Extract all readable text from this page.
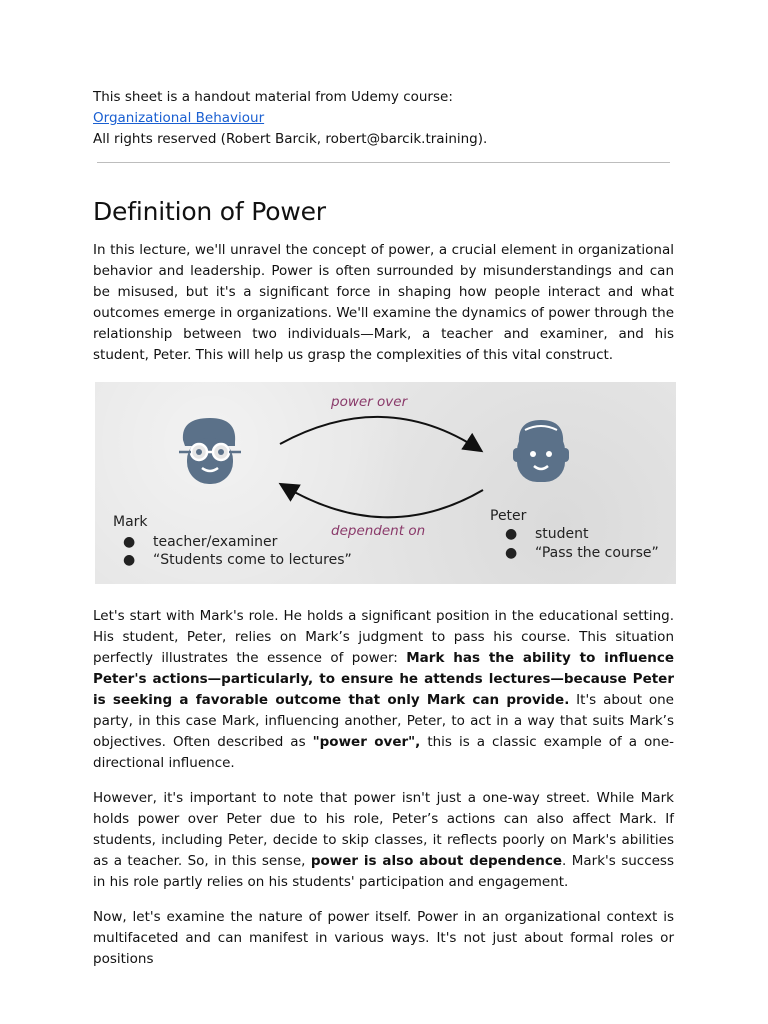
This sheet is a handout material from Udemy course:

Organizational Behaviour

All rights reserved (Robert Barcik, robert@barcik.training).

Definition of Power

In this lecture, we'll unravel the concept of power, a crucial element in organizational behavior and leadership. Power is often surrounded by misunderstandings and can be misused, but it's a significant force in shaping how people interact and what outcomes emerge in organizations. We'll examine the dynamics of power through the relationship between two individuals—Mark, a teacher and examiner, and his student, Peter. This will help us grasp the complexities of this vital construct.

power over
dependent on
Mark
● teacher/examiner
● “Students come to lectures”
Peter
● student
● “Pass the course”

Let's start with Mark's role. He holds a significant position in the educational setting. His student, Peter, relies on Mark’s judgment to pass his course. This situation perfectly illustrates the essence of power: Mark has the ability to influence Peter's actions—particularly, to ensure he attends lectures—because Peter is seeking a favorable outcome that only Mark can provide. It's about one party, in this case Mark, influencing another, Peter, to act in a way that suits Mark’s objectives. Often described as "power over", this is a classic example of a one-directional influence.

However, it's important to note that power isn't just a one-way street. While Mark holds power over Peter due to his role, Peter’s actions can also affect Mark. If students, including Peter, decide to skip classes, it reflects poorly on Mark's abilities as a teacher. So, in this sense, power is also about dependence. Mark's success in his role partly relies on his students' participation and engagement.

Now, let's examine the nature of power itself. Power in an organizational context is multifaceted and can manifest in various ways. It's not just about formal roles or positions
